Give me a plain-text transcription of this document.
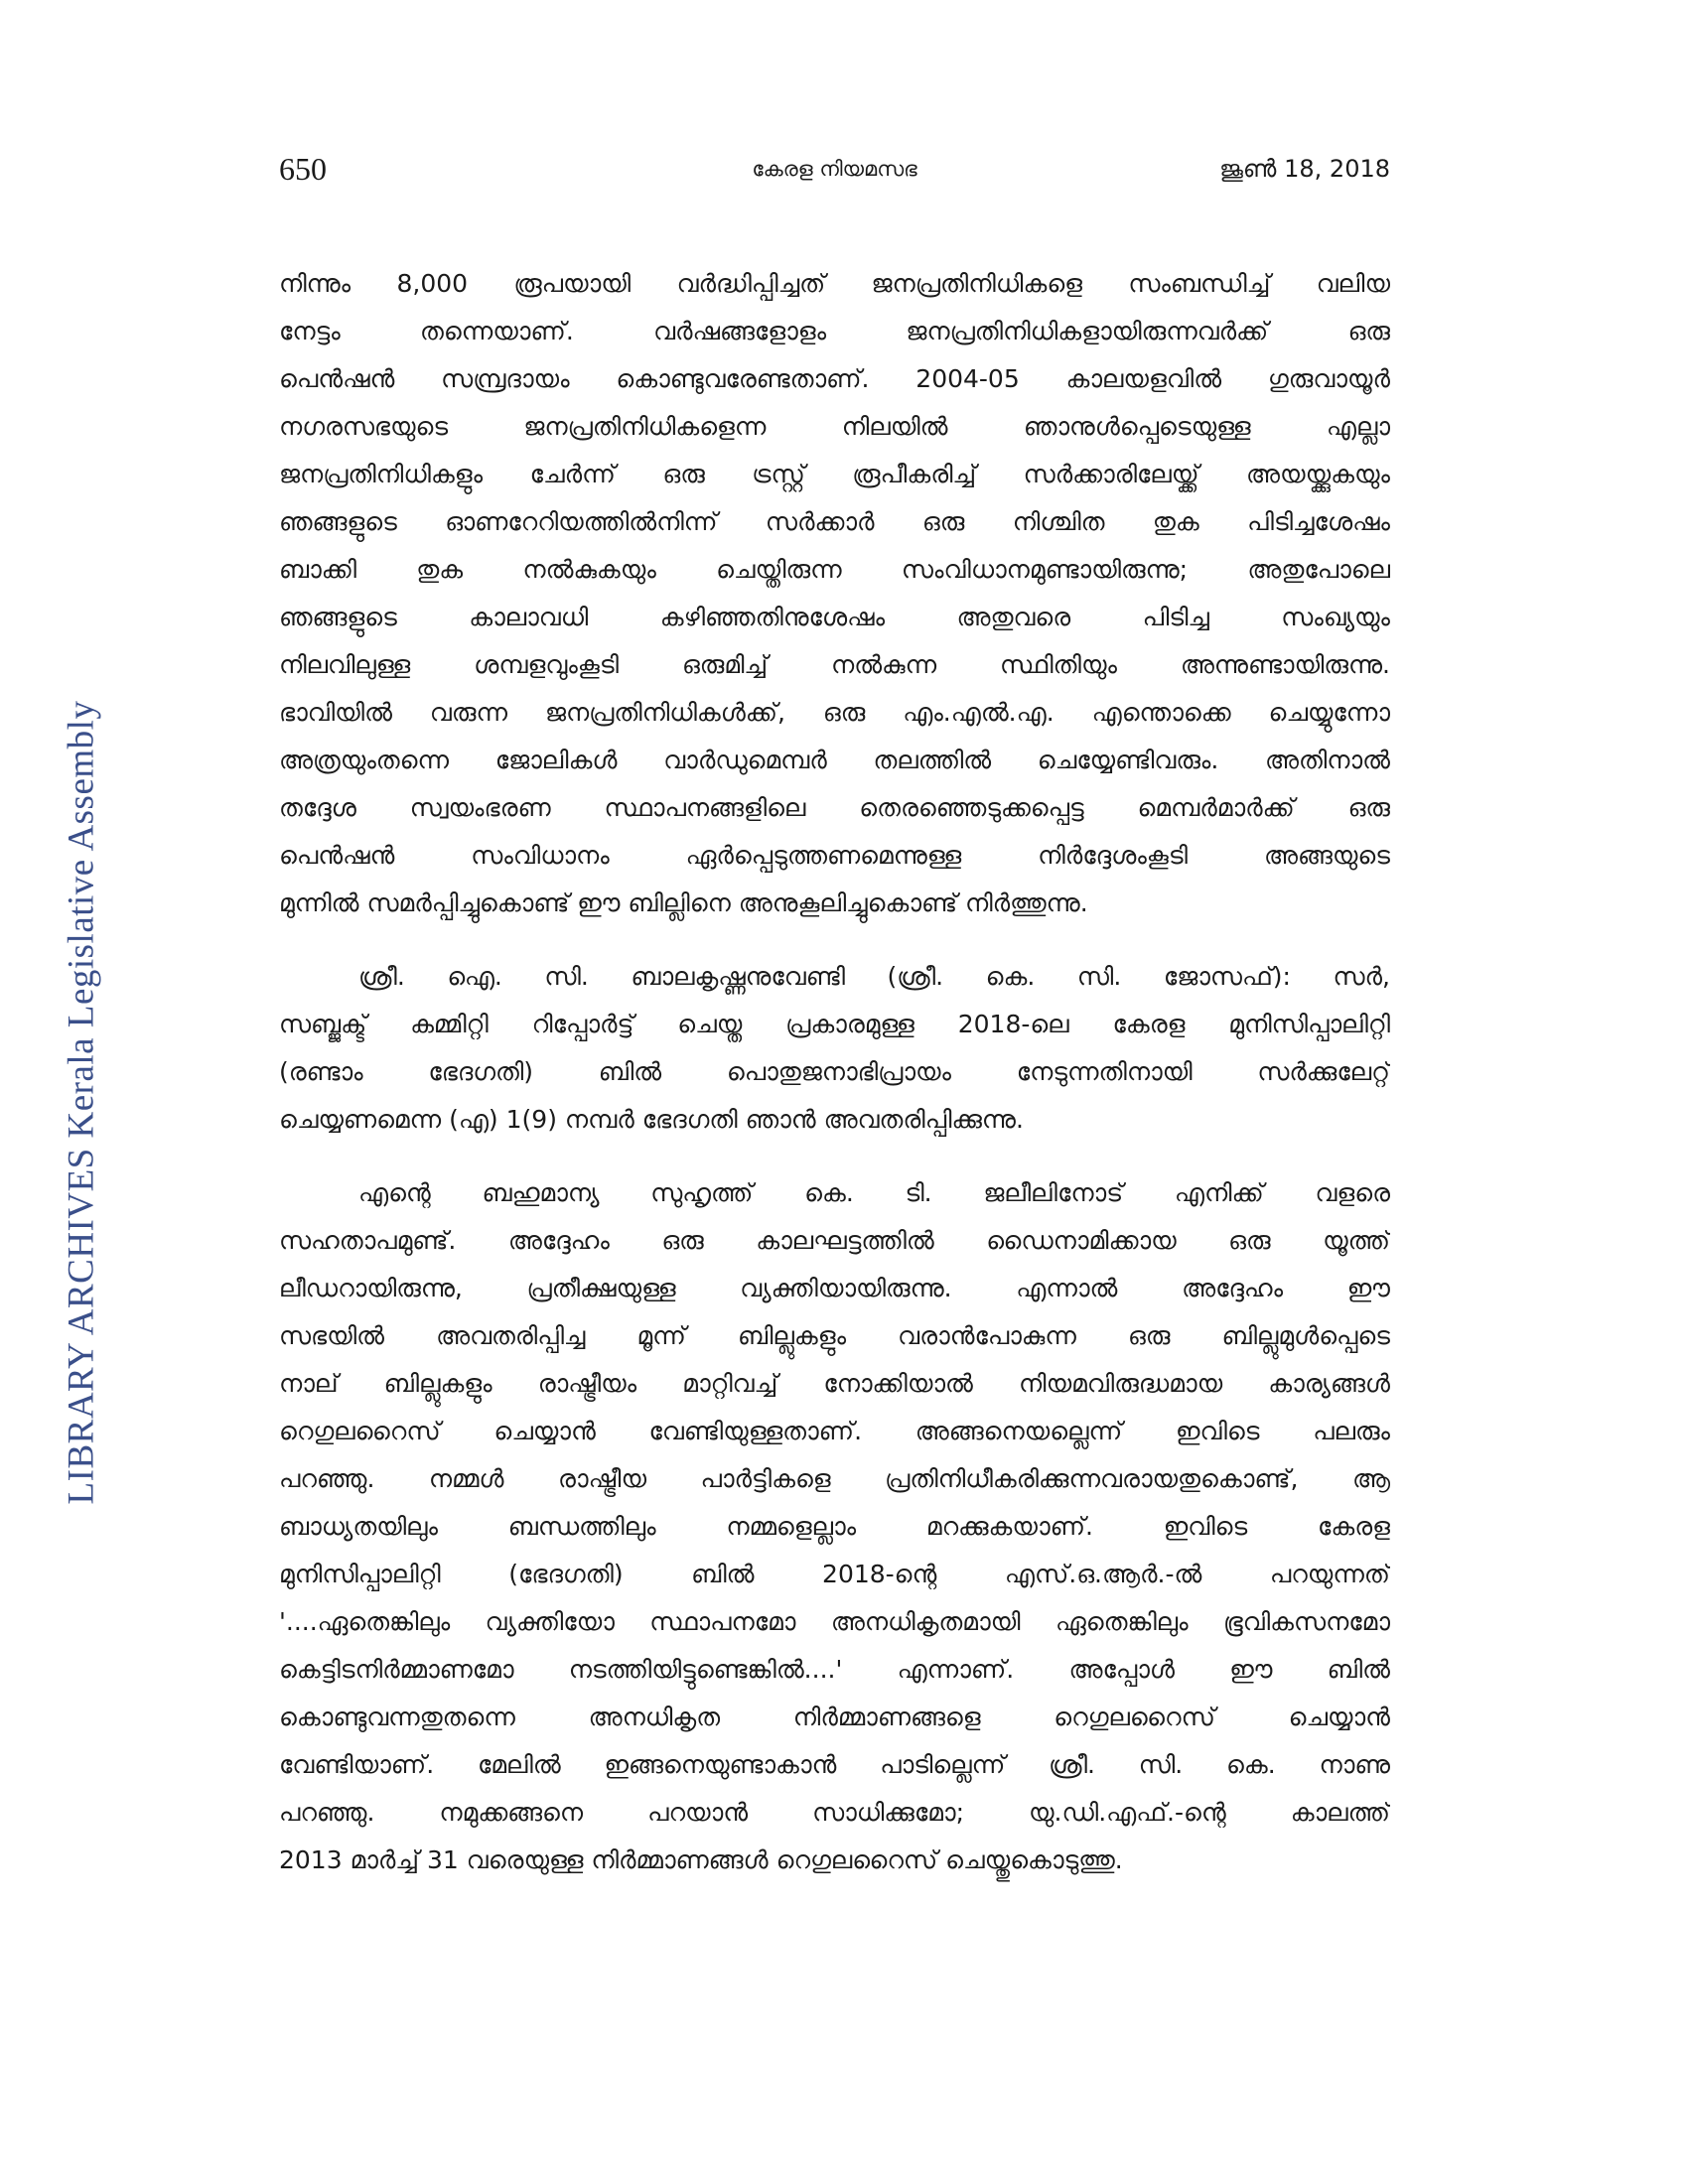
LIBRARY ARCHIVES Kerala Legislative Assembly
650	കേരള നിയമസഭ	ജൂൺ 18, 2018
നിന്നും 8,000 രൂപയായി വർദ്ധിപ്പിച്ചത് ജനപ്രതിനിധികളെ സംബന്ധിച്ച് വലിയ
നേട്ടം തന്നെയാണ്. വർഷങ്ങളോളം ജനപ്രതിനിധികളായിരുന്നവർക്ക് ഒരു
പെൻഷൻ സമ്പ്രദായം കൊണ്ടുവരേണ്ടതാണ്. 2004-05 കാലയളവിൽ ഗുരുവായൂർ
നഗരസഭയുടെ ജനപ്രതിനിധികളെന്ന നിലയിൽ ഞാനുൾപ്പെടെയുള്ള എല്ലാ
ജനപ്രതിനിധികളും ചേർന്ന് ഒരു ട്രസ്റ്റ് രൂപീകരിച്ച് സർക്കാരിലേയ്ക്ക് അയയ്ക്കുകയും
ഞങ്ങളുടെ ഓണറേറിയത്തിൽനിന്ന് സർക്കാർ ഒരു നിശ്ചിത തുക പിടിച്ചശേഷം
ബാക്കി തുക നൽകുകയും ചെയ്തിരുന്ന സംവിധാനമുണ്ടായിരുന്നു; അതുപോലെ
ഞങ്ങളുടെ കാലാവധി കഴിഞ്ഞതിനുശേഷം അതുവരെ പിടിച്ച സംഖ്യയും
നിലവിലുള്ള ശമ്പളവുംകൂടി ഒരുമിച്ച് നൽകുന്ന സ്ഥിതിയും അന്നുണ്ടായിരുന്നു.
ഭാവിയിൽ വരുന്ന ജനപ്രതിനിധികൾക്ക്, ഒരു എം.എൽ.എ. എന്തൊക്കെ ചെയ്യുന്നോ
അത്രയുംതന്നെ ജോലികൾ വാർഡുമെമ്പർ തലത്തിൽ ചെയ്യേണ്ടിവരും. അതിനാൽ
തദ്ദേശ സ്വയംഭരണ സ്ഥാപനങ്ങളിലെ തെരഞ്ഞെടുക്കപ്പെട്ട മെമ്പർമാർക്ക് ഒരു
പെൻഷൻ സംവിധാനം ഏർപ്പെടുത്തണമെന്നുള്ള നിർദ്ദേശംകൂടി അങ്ങയുടെ
മുന്നിൽ സമർപ്പിച്ചുകൊണ്ട് ഈ ബില്ലിനെ അനുകൂലിച്ചുകൊണ്ട് നിർത്തുന്നു.
ശ്രീ. ഐ. സി. ബാലകൃഷ്ണനുവേണ്ടി (ശ്രീ. കെ. സി. ജോസഫ്): സർ,
സബ്ജക്ട് കമ്മിറ്റി റിപ്പോർട്ട് ചെയ്ത പ്രകാരമുള്ള 2018-ലെ കേരള മുനിസിപ്പാലിറ്റി
(രണ്ടാം ഭേദഗതി) ബിൽ പൊതുജനാഭിപ്രായം നേടുന്നതിനായി സർക്കുലേറ്റ്
ചെയ്യണമെന്ന (എ) 1(9) നമ്പർ ഭേദഗതി ഞാൻ അവതരിപ്പിക്കുന്നു.
എന്റെ ബഹുമാന്യ സുഹൃത്ത് കെ. ടി. ജലീലിനോട് എനിക്ക് വളരെ
സഹതാപമുണ്ട്. അദ്ദേഹം ഒരു കാലഘട്ടത്തിൽ ഡൈനാമിക്കായ ഒരു യൂത്ത്
ലീഡറായിരുന്നു, പ്രതീക്ഷയുള്ള വ്യക്തിയായിരുന്നു. എന്നാൽ അദ്ദേഹം ഈ
സഭയിൽ അവതരിപ്പിച്ച മൂന്ന് ബില്ലുകളും വരാൻപോകുന്ന ഒരു ബില്ലുമുൾപ്പെടെ
നാല് ബില്ലുകളും രാഷ്ട്രീയം മാറ്റിവച്ച് നോക്കിയാൽ നിയമവിരുദ്ധമായ കാര്യങ്ങൾ
റെഗുലറൈസ് ചെയ്യാൻ വേണ്ടിയുള്ളതാണ്. അങ്ങനെയല്ലെന്ന് ഇവിടെ പലരും
പറഞ്ഞു. നമ്മൾ രാഷ്ട്രീയ പാർട്ടികളെ പ്രതിനിധീകരിക്കുന്നവരായതുകൊണ്ട്, ആ
ബാധ്യതയിലും ബന്ധത്തിലും നമ്മളെല്ലാം മറക്കുകയാണ്. ഇവിടെ കേരള
മുനിസിപ്പാലിറ്റി (ഭേദഗതി) ബിൽ 2018-ന്റെ എസ്.ഒ.ആർ.-ൽ പറയുന്നത്
'....ഏതെങ്കിലും വ്യക്തിയോ സ്ഥാപനമോ അനധികൃതമായി ഏതെങ്കിലും ഭൂവികസനമോ
കെട്ടിടനിർമ്മാണമോ നടത്തിയിട്ടുണ്ടെങ്കിൽ....' എന്നാണ്. അപ്പോൾ ഈ ബിൽ
കൊണ്ടുവന്നതുതന്നെ അനധികൃത നിർമ്മാണങ്ങളെ റെഗുലറൈസ് ചെയ്യാൻ
വേണ്ടിയാണ്. മേലിൽ ഇങ്ങനെയുണ്ടാകാൻ പാടില്ലെന്ന് ശ്രീ. സി. കെ. നാണു
പറഞ്ഞു. നമുക്കങ്ങനെ പറയാൻ സാധിക്കുമോ; യു.ഡി.എഫ്.-ന്റെ കാലത്ത്
2013 മാർച്ച് 31 വരെയുള്ള നിർമ്മാണങ്ങൾ റെഗുലറൈസ് ചെയ്തുകൊടുത്തു.
